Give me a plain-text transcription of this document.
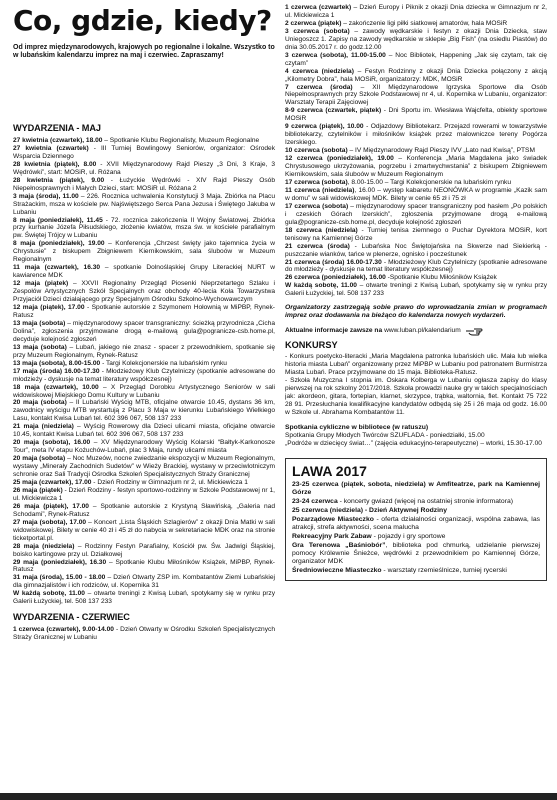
Co, gdzie, kiedy?
Od imprez międzynarodowych, krajowych po regionalne i lokalne. Wszystko to w lubańskim kalendarzu imprez na maj i czerwiec. Zapraszamy!
WYDARZENIA - MAJ
27 kwietnia (czwartek), 18.00 – Spotkanie Klubu Regionalisty, Muzeum Regionalne
27 kwietnia (czwartek) - III Turniej Bowlingowy Seniorów, organizator: Ośrodek Wsparcia Dziennego
28 kwietnia (piątek), 8.00 - XVII Międzynarodowy Rajd Pieszy „3 Dni, 3 Kraje, 3 Wędrówki”, start: MOSiR, ul. Różana
28 kwietnia (piątek), 9.00 - Łużyckie Wędrówki - XIV Rajd Pieszy Osób Niepełnosprawnych i Małych Dzieci, start: MOSiR ul. Różana 2
3 maja (środa), 11.00 – 226. Rocznica uchwalenia Konstytucji 3 Maja. Zbiórka na Placu Strażackim, msza w kościele pw. Najświętszego Serca Pana Jezusa i Świętego Jakuba w Lubaniu
8 maja (poniedziałek), 11.45 - 72. rocznica zakończenia II Wojny Światowej. Zbiórka przy kurhanie Józefa Piłsudskiego, złożenie kwiatów, msza św. w kościele parafialnym pw. Świętej Trójcy w Lubaniu
8 maja (poniedziałek), 19.00 – Konferencja „Chrzest święty jako tajemnica życia w Chrystusie” z biskupem Zbigniewem Kiernikowskim, sala śluboów w Muzeum Regionalnym
11 maja (czwartek), 16.30 – spotkanie Dolnośląskiej Grupy Literackiej NURT w kawiarence MDK
12 maja (piątek) – XXVII Regionalny Przegląd Piosenki Nieprzetartego Szlaku i Zespołów Artystycznych Szkół Specjalnych oraz obchody 40-lecia Koła Towarzystwa Przyjaciół Dzieci działającego przy Specjalnym Ośrodku Szkolno-Wychowawczym
12 maja (piątek), 17.00 - Spotkanie autorskie z Szymonem Hołownią w MiPBP, Rynek-Ratusz
13 maja (sobota) – międzynarodowy spacer transgraniczny: ścieżką przyrodnicza „Cicha Dolina”, zgłoszenia przyjmowane drogą e-mailową gula@pogranicze-csb.home.pl, decyduje kolejność zgłoszeń
13 maja (sobota) – Lubań, jakiego nie znasz - spacer z przewodnikiem, spotkanie się przy Muzeum Regionalnym, Rynek-Ratusz
13 maja (sobota), 8.00-15.00 - Targi Kolekcjonerskie na lubańskim rynku
17 maja (środa) 16.00-17.30 - Młodzieżowy Klub Czytelniczy (spotkanie adresowane do młodzieży - dyskusje na temat literatury współczesnej)
18 maja (czwartek), 10.00 – X Przegląd Dorobku Artystycznego Seniorów w sali widowiskowej Miejskiego Domu Kultury w Lubaniu
20 maja (sobota) – II Lubański Wyścig MTB, oficjalne otwarcie 10.45, dystans 36 km, zawodnicy wyścigu MTB wystartują z Placu 3 Maja w kierunku Lubańskiego Wielkiego Lasu, kontakt Kwisa Lubań tel. 602 396 067, 508 137 233
21 maja (niedziela) – Wyścig Rowerowy dla Dzieci ulicami miasta, oficjalne otwarcie 10.45, kontakt Kwisa Lubań tel. 602 396 067, 508 137 233
20 maja (sobota), 16.00 – XV Międzynarodowy Wyścig Kolarski “Bałtyk-Karkonosze Tour”, meta IV etapu Kożuchów-Lubań, plac 3 Maja, rundy ulicami miasta
20 maja (sobota) – Noc Muzeów, nocne zwiedzanie ekspozycji w Muzeum Regionalnym, wystawy „Minerały Zachodnich Sudetów” w Wieży Brackiej, wystawy w przeciwlotniczym schronie oraz Sali Tradycji Ośrodka Szkoleń Specjalistycznych Straży Granicznej
25 maja (czwartek), 17.00 - Dzień Rodziny w Gimnazjum nr 2, ul. Mickiewicza 1
26 maja (piątek) - Dzień Rodziny - festyn sportowo-rodzinny w Szkole Podstawowej nr 1, ul. Mickiewicza 1
26 maja (piątek), 17.00 – Spotkanie autorskie z Krystyną Sławińską, „Galeria nad Schodami”, Rynek-Ratusz
27 maja (sobota), 17.00 – Koncert „Lista Śląskich Szlagierów” z okazji Dnia Matki w sali widowiskowej. Bilety w cenie 40 zł i 45 zł do nabycia w sekretariacie MDK oraz na stronie ticketportal.pl.
28 maja (niedziela) – Rodzinny Festyn Parafialny, Kościół pw. Św. Jadwigi Śląskiej, boisko kartingowe przy ul. Działkowej
29 maja (poniedziałek), 16.30 – Spotkanie Klubu Miłośników Książek, MiPBP, Rynek-Ratusz
31 maja (środa), 15.00 - 18.00 – Dzień Otwarty ZSP im. Kombatantów Ziemi Lubańskiej dla gimnazjalistów i ich rodziców, ul. Kopernika 31
W każdą sobotę, 11.00 – otwarte treningi z Kwisą Lubań, spotykamy się w rynku przy Galerii Łużyckiej, tel. 508 137 233
WYDARZENIA - CZERWIEC
1 czerwca (czwartek), 9.00-14.00 - Dzień Otwarty w Ośrodku Szkoleń Specjalistycznych Straży Granicznej w Lubaniu
1 czerwca (czwartek) – Dzień Europy i Piknik z okazji Dnia dziecka w Gimnazjum nr 2, ul. Mickiewicza 1
2 czerwca (piątek) – zakończenie ligi piłki siatkowej amatorów, hala MOSiR
3 czerwca (sobota) – zawody wędkarskie i festyn z okazji Dnia Dziecka, staw Uniegoszcz 1. Zapisy na zawody wędkarskie w sklepie „Big Fish” (na osiedlu Piastów) do dnia 30.05.2017 r. do godz.12.00
3 czerwca (sobota), 11.00-15.00 – Noc Bibliotek, Happening „Jak się czytam, tak cię czytam”
4 czerwca (niedziela) – Festyn Rodzinny z okazji Dnia Dziecka połączony z akcją „Kilometry Dobra”, hala MOSiR, organizatorzy: MDK, MOSiR
7 czerwca (środa) – XII Międzynarodowe Igrzyska Sportowe dla Osób Niepełnosprawnych przy Szkole Podstawowej nr 4, ul. Kopernika w Lubaniu, organizator: Warsztaty Terapii Zajęciowej
8-9 czerwca (czwartek, piątek) - Dni Sportu im. Wiesława Wajcfelta, obiekty sportowe MOSiR
9 czerwca (piątek), 10.00 - Odjazdowy Bibliotekarz. Przejazd rowerami w towarzystwie bibliotekarzy, czytelników i miłośników książek przez malowniczce tereny Pogórza Izerskiego.
10 czerwca (sobota) – IV Międzynarodowy Rajd Pieszy IVV „Lato nad Kwisą”, PTSM
12 czerwca (poniedziałek), 19.00 – Konferencja „Maria Magdalena jako świadek Chrystusowego ukrzyżowania, pogrzebu i zmartwychwstania” z biskupem Zbigniewem Kiernikowskim, sala śluboów w Muzeum Regionalnym
17 czerwca (sobota), 8.00-15.00 – Targi Kolekcjonerskie na lubańskim rynku
11 czerwca (niedziela), 16.00 – występ kabaretu NEONÓWKA w programie „Kazik sam w domu” w sali widowiskowej MDK. Bilety w cenie 65 zł i 75 zł
17 czerwca (sobota) – międzynarodowy spacer transgraniczny pod hasłem „Po polskich i czeskich Górach Izerskich”, zgłoszenia przyjmowane drogą e-mailową gula@pogranicze-csb.home.pl, decyduje kolejność zgłoszeń
18 czerwca (niedziela) - Turniej tenisa ziemnego o Puchar Dyrektora MOSiR, kort tenisowy na Kamiennej Górze
21 czerwca (środa) - Lubańska Noc Świętojańska na Skwerze nad Siekierką - puszczanie wianków, tańce w plenerze, ognisko i pocześtunek
21 czerwca (środa) 16.00-17.30 - Młodzieżowy Klub Czytelniczy (spotkanie adresowane do młodzieży - dyskusje na temat literatury współczesnej)
26 czerwca (poniedziałek), 16.00 -Spotkanie Klubu Miłośników Książek
W każdą sobotę, 11.00 – otwarte treningi z Kwisą Lubań, spotykamy się w rynku przy Galerii Łużyckiej, tel. 508 137 233
Organizatorzy zastrzegają sobie prawo do wprowadzania zmian w programach imprez oraz dodawania na bieżąco do kalendarza nowych wydarzeń.
Aktualne informacje zawsze na www.luban.pl/kalendarium
KONKURSY
- Konkurs poetycko-literacki „Maria Magdalena patronka lubańskich ulic. Mała lub wielka historia miasta Lubań” organizowany przez MiPBP w Lubaniu pod patronatem Burmistrza Miasta Lubań. Prace przyjmowane do 15 maja. Biblioteka-Ratusz.
- Szkoła Muzyczna I stopnia im. Oskara Kolberga w Lubaniu ogłasza zapisy do klasy pierwszej na rok szkolny 2017/2018. Szkoła prowadzi nauke gry w takich specjalnościach jak: akordeon, gitara, fortepian, klarnet, skrzypce, trąbka, waltornia, flet. Kontakt 75 722 28 91. Przesłuchania kwalifikacyjne kandydatów odbędą się 25 i 26 maja od godz. 16.00 w Szkole ul. Abrahama Kombatantów 11.
Spotkania cykliczne w bibliotece (w ratuszu)
Spotkania Grupy Młodych Twórców SZUFLADA - poniedziałki, 15.00
„Podróże w dziecięcy świat…” (zajęcia edukacyjno-terapeutyczne) – wtorki, 15.30-17.00
LAWA 2017

23-25 czerwca (piątek, sobota, niedziela) w Amfiteatrze, park na Kamiennej Górze

23-24 czerwca - koncerty gwiazd (więcej na ostatniej stronie informatora)

25 czerwca (niedziela) - Dzień Aktywnej Rodziny

Pozarządowe Miasteczko - oferta działalności organizacji, wspólna zabawa, las atrakcji, strefa aktywności, scena malucha

Rekreacyjny Park Zabaw - pojazdy i gry sportowe

Gra Terenowa „Baśniobór”, biblioteka pod chmurką, udzielanie pierwszej pomocy Królewnie Śnieżce, wędrówki z przewodnikiem po Kamiennej Górze, organizator MDK

Średniowieczne Miasteczko - warsztaty rzemieślnicze, turniej rycerski
